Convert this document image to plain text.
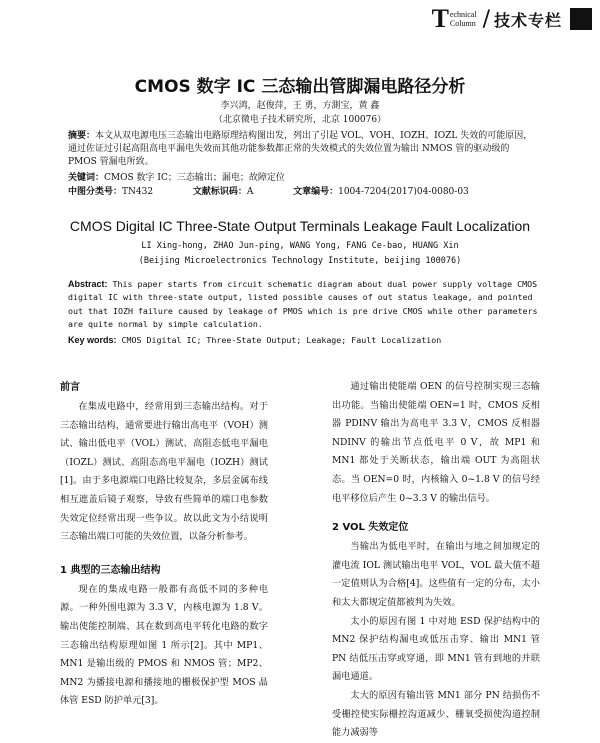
T echnical
Column / 技术专栏
CMOS 数字 IC 三态输出管脚漏电路径分析
李兴鸿，赵俊萍，王 勇，方測宝，黄 鑫
（北京微电子技术研究所，北京 100076）
摘要：本文从双电源电压三态输出电路原理结构图出发，列出了引起 VOL、VOH、IOZH、IOZL 失效的可能原因，通过佐证过引起高阻高电平漏电失效而其他功能参数都正常的失效模式的失效位置为输出 NMOS 管的驱动级的 PMOS 管漏电所致。
关键词：CMOS 数字 IC；三态输出；漏电；故障定位
中图分类号：TN432	文献标识码：A	文章编号：1004-7204(2017)04-0080-03
CMOS Digital IC Three-State Output Terminals Leakage Fault Localization
LI Xing-hong, ZHAO Jun-ping, WANG Yong, FANG Ce-bao, HUANG Xin
(Beijing Microelectronics Technology Institute, beijing 100076)
Abstract: This paper starts from circuit schematic diagram about dual power supply voltage CMOS digital IC with three-state output, listed possible causes of out status leakage, and pointed out that IOZH failure caused by leakage of PMOS which is pre drive CMOS while other parameters are quite normal by simple calculation.
Key words: CMOS Digital IC; Three-State Output; Leakage; Fault Localization
前言

在集成电路中，经常用到三态输出结构。对于三态输出结构，通常要进行输出高电平（VOH）测试、输出低电平（VOL）测试、高阻态低电平漏电（IOZL）测试、高阻态高电平漏电（IOZH）测试[1]。由于多电源端口电路比较复杂，多层金属布线相互遮盖后镜子观察，导致有些简单的端口电参数失效定位经常出现一些争议。故以此文为小结说明三态输出端口可能的失效位置，以备分析参考。

1 典型的三态输出结构

现在的集成电路一般都有高低不同的多种电源。一种外围电源为 3.3 V，内核电源为 1.8 V。输出使能控制端、其在数到高电平转化电路的数字三态输出结构原理如图 1 所示[2]。其中 MP1、MN1 是输出级的 PMOS 和 NMOS 管；MP2、MN2 为播接电源和播接地的栅极保护型 MOS 晶体管 ESD 防护单元[3]。

通过输出使能端 OEN 的信号控制实现三态输出功能。当输出使能端 OEN=1 时，CMOS 反相器 PDINV 输出为高电平 3.3 V，CMOS 反相器 NDINV 的输出节点低电平 0 V，故 MP1 和 MN1 都处于关断状态，输出端 OUT 为高阻状态。当 OEN=0 时，内核输入 0~1.8 V 的信号经电平移位后产生 0~3.3 V 的输出信号。

2 VOL 失效定位

当输出为低电平时，在输出与地之间加规定的灌电流 IOL 测试输出电平 VOL，VOL 最大值不超一定值则认为合格[4]。这些值有一定的分布，太小和太大都规定值都被判为失效。

太小的原因有图 1 中对地 ESD 保护结构中的 MN2 保护结构漏电或低压击穿、输出 MN1 管 PN 结低压击穿或穿通，即 MN1 管有到地的并联漏电通道。

太大的原因有输出管 MN1 部分 PN 结损伤不受栅控使实际栅控沟道减少、栅氧受损使沟道控制能力减弱等
